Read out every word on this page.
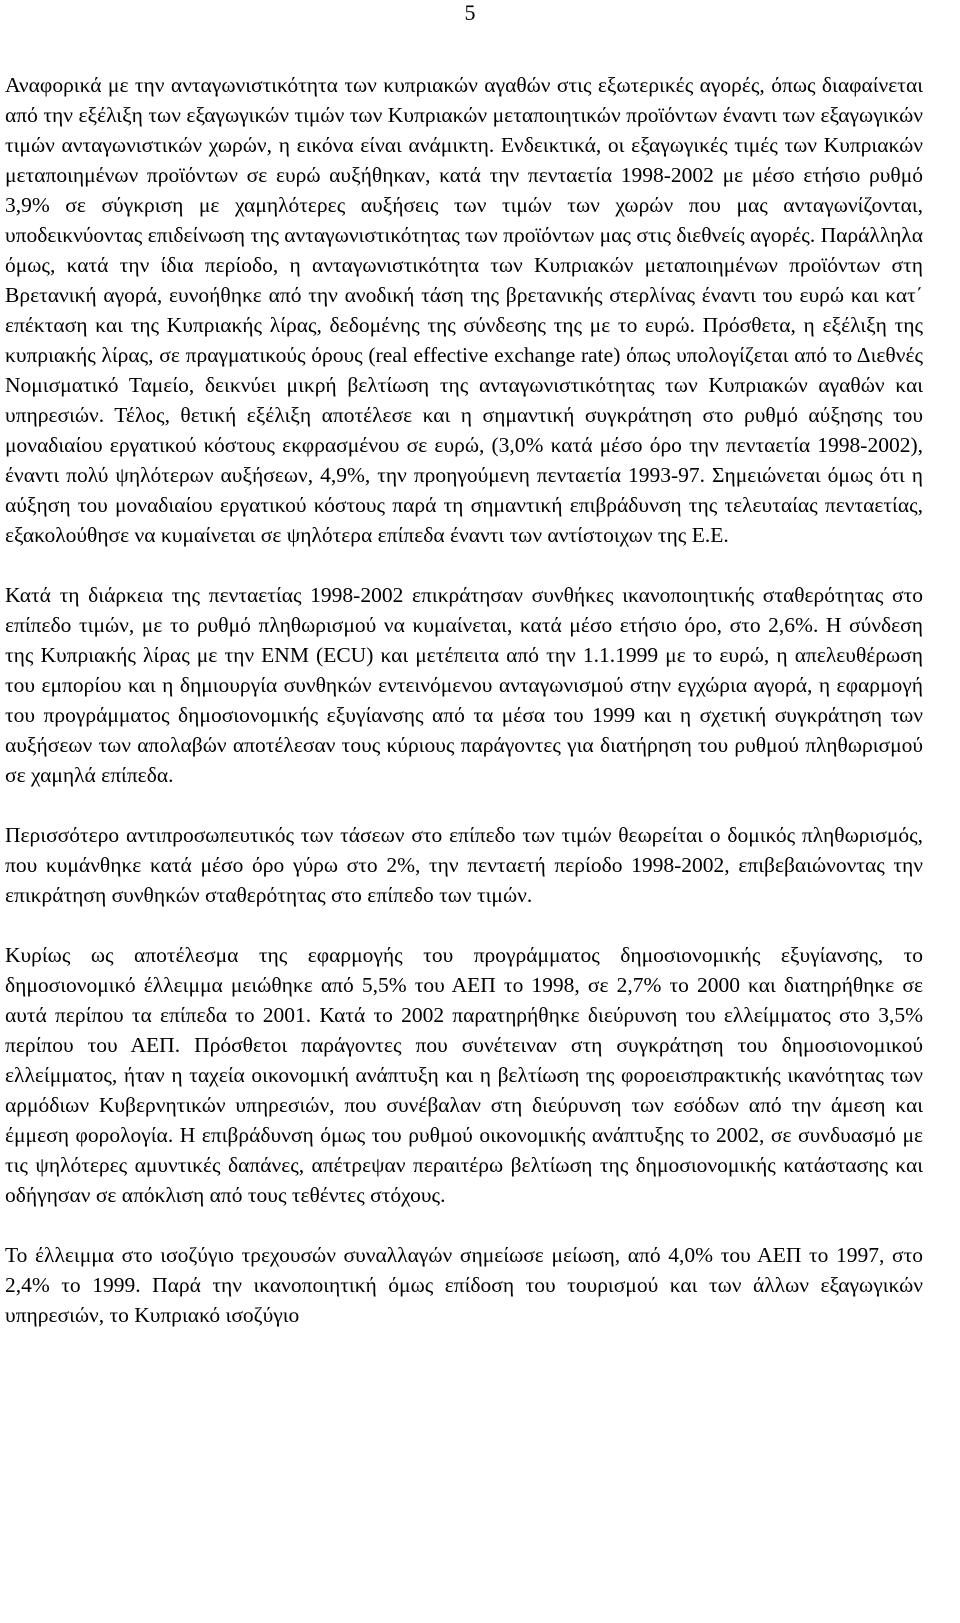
5

Αναφορικά με την ανταγωνιστικότητα των κυπριακών αγαθών στις εξωτερικές αγορές, όπως διαφαίνεται από την εξέλιξη των εξαγωγικών τιμών των Κυπριακών μεταποιητικών προϊόντων έναντι των εξαγωγικών τιμών ανταγωνιστικών χωρών, η εικόνα είναι ανάμικτη. Ενδεικτικά, οι εξαγωγικές τιμές των Κυπριακών μεταποιημένων προϊόντων σε ευρώ αυξήθηκαν, κατά την πενταετία 1998-2002 με μέσο ετήσιο ρυθμό 3,9% σε σύγκριση με χαμηλότερες αυξήσεις των τιμών των χωρών που μας ανταγωνίζονται, υποδεικνύοντας επιδείνωση της ανταγωνιστικότητας των προϊόντων μας στις διεθνείς αγορές. Παράλληλα όμως, κατά την ίδια περίοδο, η ανταγωνιστικότητα των Κυπριακών μεταποιημένων προϊόντων στη Βρετανική αγορά, ευνοήθηκε από την ανοδική τάση της βρετανικής στερλίνας έναντι του ευρώ και κατ΄ επέκταση και της Κυπριακής λίρας, δεδομένης της σύνδεσης της με το ευρώ. Πρόσθετα, η εξέλιξη της κυπριακής λίρας, σε πραγματικούς όρους (real effective exchange rate) όπως υπολογίζεται από το Διεθνές Νομισματικό Ταμείο, δεικνύει μικρή βελτίωση της ανταγωνιστικότητας των Κυπριακών αγαθών και υπηρεσιών. Τέλος, θετική εξέλιξη αποτέλεσε και η σημαντική συγκράτηση στο ρυθμό αύξησης του μοναδιαίου εργατικού κόστους εκφρασμένου σε ευρώ, (3,0% κατά μέσο όρο την πενταετία 1998-2002), έναντι πολύ ψηλότερων αυξήσεων, 4,9%, την προηγούμενη πενταετία 1993-97. Σημειώνεται όμως ότι η αύξηση του μοναδιαίου εργατικού κόστους παρά τη σημαντική επιβράδυνση της τελευταίας πενταετίας, εξακολούθησε να κυμαίνεται σε ψηλότερα επίπεδα έναντι των αντίστοιχων της Ε.Ε.

Κατά τη διάρκεια της πενταετίας 1998-2002 επικράτησαν συνθήκες ικανοποιητικής σταθερότητας στο επίπεδο τιμών, με το ρυθμό πληθωρισμού να κυμαίνεται, κατά μέσο ετήσιο όρο, στο 2,6%. Η σύνδεση της Κυπριακής λίρας με την ΕΝΜ (ECU) και μετέπειτα από την 1.1.1999 με το ευρώ, η απελευθέρωση του εμπορίου και η δημιουργία συνθηκών εντεινόμενου ανταγωνισμού στην εγχώρια αγορά, η εφαρμογή του προγράμματος δημοσιονομικής εξυγίανσης από τα μέσα του 1999 και η σχετική συγκράτηση των αυξήσεων των απολαβών αποτέλεσαν τους κύριους παράγοντες για διατήρηση του ρυθμού πληθωρισμού σε χαμηλά επίπεδα.

Περισσότερο αντιπροσωπευτικός των τάσεων στο επίπεδο των τιμών θεωρείται ο δομικός πληθωρισμός, που κυμάνθηκε κατά μέσο όρο γύρω στο 2%, την πενταετή περίοδο 1998-2002, επιβεβαιώνοντας την επικράτηση συνθηκών σταθερότητας στο επίπεδο των τιμών.

Κυρίως ως αποτέλεσμα της εφαρμογής του προγράμματος δημοσιονομικής εξυγίανσης, το δημοσιονομικό έλλειμμα μειώθηκε από 5,5% του ΑΕΠ το 1998, σε 2,7% το 2000 και διατηρήθηκε σε αυτά περίπου τα επίπεδα το 2001. Κατά το 2002 παρατηρήθηκε διεύρυνση του ελλείμματος στο 3,5% περίπου του ΑΕΠ. Πρόσθετοι παράγοντες που συνέτειναν στη συγκράτηση του δημοσιονομικού ελλείμματος, ήταν η ταχεία οικονομική ανάπτυξη και η βελτίωση της φοροεισπρακτικής ικανότητας των αρμόδιων Κυβερνητικών υπηρεσιών, που συνέβαλαν στη διεύρυνση των εσόδων από την άμεση και έμμεση φορολογία. Η επιβράδυνση όμως του ρυθμού οικονομικής ανάπτυξης το 2002, σε συνδυασμό με τις ψηλότερες αμυντικές δαπάνες, απέτρεψαν περαιτέρω βελτίωση της δημοσιονομικής κατάστασης και οδήγησαν σε απόκλιση από τους τεθέντες στόχους.

Το έλλειμμα στο ισοζύγιο τρεχουσών συναλλαγών σημείωσε μείωση, από 4,0% του ΑΕΠ το 1997, στο 2,4% το 1999. Παρά την ικανοποιητική όμως επίδοση του τουρισμού και των άλλων εξαγωγικών υπηρεσιών, το Κυπριακό ισοζύγιο
